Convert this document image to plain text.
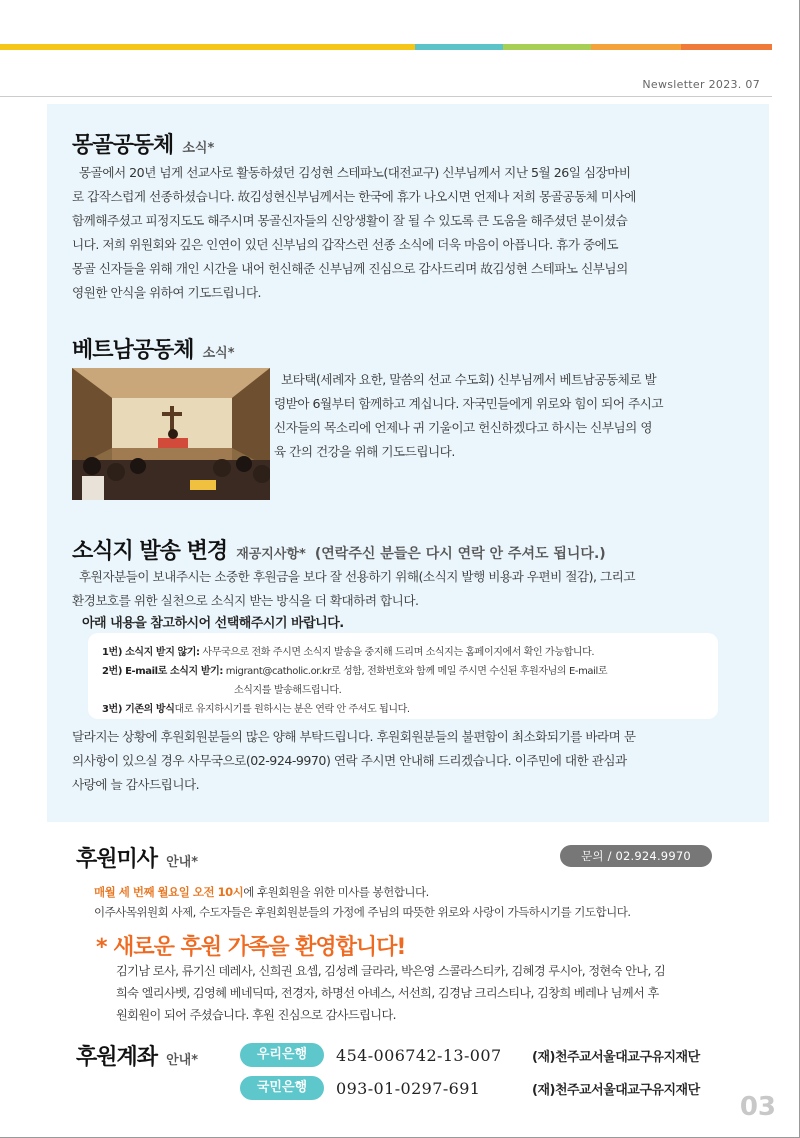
Newsletter 2023. 07
몽골공동체 소식*
몽골에서 20년 넘게 선교사로 활동하셨던 김성현 스테파노(대전교구) 신부님께서 지난 5월 26일 심장마비
로 갑작스럽게 선종하셨습니다. 故김성현신부님께서는 한국에 휴가 나오시면 언제나 저희 몽골공동체 미사에
함께해주셨고 피정지도도 해주시며 몽골신자들의 신앙생활이 잘 될 수 있도록 큰 도움을 해주셨던 분이셨습
니다. 저희 위원회와 깊은 인연이 있던 신부님의 갑작스런 선종 소식에 더욱 마음이 아픕니다. 휴가 중에도
몽골 신자들을 위해 개인 시간을 내어 헌신해준 신부님께 진심으로 감사드리며 故김성현 스테파노 신부님의
영원한 안식을 위하여 기도드립니다.
베트남공동체 소식*
보타택(세례자 요한, 말씀의 선교 수도회) 신부님께서 베트남공동체로 발
령받아 6월부터 함께하고 계십니다. 자국민들에게 위로와 힘이 되어 주시고
신자들의 목소리에 언제나 귀 기울이고 헌신하겠다고 하시는 신부님의 영
육 간의 건강을 위해 기도드립니다.
소식지 발송 변경 재공지사항* (연락주신 분들은 다시 연락 안 주셔도 됩니다.)
후원자분들이 보내주시는 소중한 후원금을 보다 잘 선용하기 위해(소식지 발행 비용과 우편비 절감), 그리고
환경보호를 위한 실천으로 소식지 받는 방식을 더 확대하려 합니다.
아래 내용을 참고하시어 선택해주시기 바랍니다.
1번) 소식지 받지 않기: 사무국으로 전화 주시면 소식지 발송을 중지해 드리며 소식지는 홈페이지에서 확인 가능합니다.
2번) E-mail로 소식지 받기: migrant@catholic.or.kr로 성함, 전화번호와 함께 메일 주시면 수신된 후원자님의 E-mail로
소식지를 발송해드립니다.
3번) 기존의 방식대로 유지하시기를 원하시는 분은 연락 안 주셔도 됩니다.
달라지는 상황에 후원회원분들의 많은 양해 부탁드립니다. 후원회원분들의 불편함이 최소화되기를 바라며 문
의사항이 있으실 경우 사무국으로(02-924-9970) 연락 주시면 안내해 드리겠습니다. 이주민에 대한 관심과
사랑에 늘 감사드립니다.
후원미사 안내*	문의 / 02.924.9970
매월 세 번째 월요일 오전 10시에 후원회원을 위한 미사를 봉헌합니다.
이주사목위원회 사제, 수도자들은 후원회원분들의 가정에 주님의 따뜻한 위로와 사랑이 가득하시기를 기도합니다.
* 새로운 후원 가족을 환영합니다!
김기남 로사, 류기신 데레사, 신희권 요셉, 김성례 글라라, 박은영 스콜라스티카, 김혜경 루시아, 정현숙 안나, 김
희숙 엘리사벳, 김영혜 베네딕따, 전경자, 하명선 아녜스, 서선희, 김경남 크리스티나, 김창희 베레나 님께서 후
원회원이 되어 주셨습니다. 후원 진심으로 감사드립니다.
후원계좌 안내*	우리은행	454-006742-13-007	(재)천주교서울대교구유지재단
국민은행	093-01-0297-691	(재)천주교서울대교구유지재단
03
